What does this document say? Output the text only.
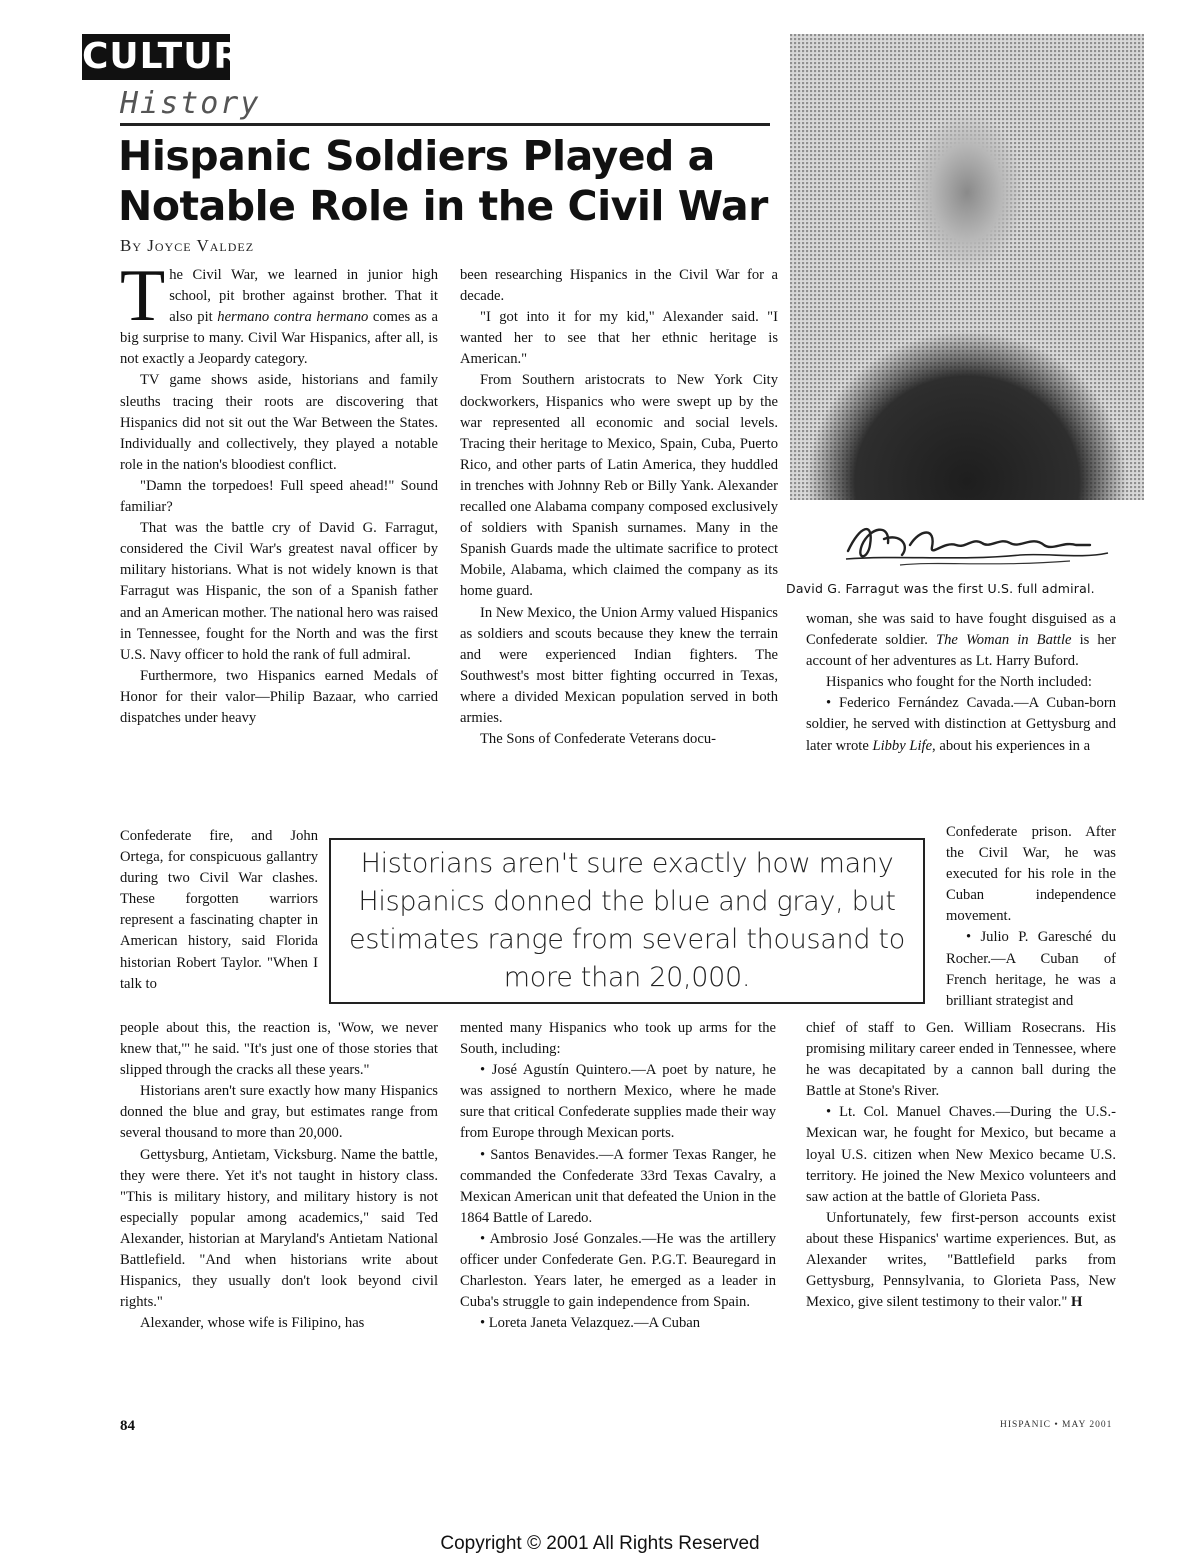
CULTURA
History
Hispanic Soldiers Played a Notable Role in the Civil War
By Joyce Valdez

The Civil War, we learned in junior high school, pit brother against brother. That it also pit hermano contra hermano comes as a big surprise to many. Civil War Hispanics, after all, is not exactly a Jeopardy category.

TV game shows aside, historians and family sleuths tracing their roots are discovering that Hispanics did not sit out the War Between the States. Individually and collectively, they played a notable role in the nation's bloodiest conflict.

"Damn the torpedoes! Full speed ahead!" Sound familiar?

That was the battle cry of David G. Farragut, considered the Civil War's greatest naval officer by military historians. What is not widely known is that Farragut was Hispanic, the son of a Spanish father and an American mother. The national hero was raised in Tennessee, fought for the North and was the first U.S. Navy officer to hold the rank of full admiral.

Furthermore, two Hispanics earned Medals of Honor for their valor—Philip Bazaar, who carried dispatches under heavy

Confederate fire, and John Ortega, for conspicuous gallantry during two Civil War clashes. These forgotten warriors represent a fascinating chapter in American history, said Florida historian Robert Taylor. "When I talk to

people about this, the reaction is, 'Wow, we never knew that,'" he said. "It's just one of those stories that slipped through the cracks all these years."

Historians aren't sure exactly how many Hispanics donned the blue and gray, but estimates range from several thousand to more than 20,000.

Gettysburg, Antietam, Vicksburg. Name the battle, they were there. Yet it's not taught in history class. "This is military history, and military history is not especially popular among academics," said Ted Alexander, historian at Maryland's Antietam National Battlefield. "And when historians write about Hispanics, they usually don't look beyond civil rights."

Alexander, whose wife is Filipino, has

been researching Hispanics in the Civil War for a decade.

"I got into it for my kid," Alexander said. "I wanted her to see that her ethnic heritage is American."

From Southern aristocrats to New York City dockworkers, Hispanics who were swept up by the war represented all economic and social levels. Tracing their heritage to Mexico, Spain, Cuba, Puerto Rico, and other parts of Latin America, they huddled in trenches with Johnny Reb or Billy Yank. Alexander recalled one Alabama company composed exclusively of soldiers with Spanish surnames. Many in the Spanish Guards made the ultimate sacrifice to protect Mobile, Alabama, which claimed the company as its home guard.

In New Mexico, the Union Army valued Hispanics as soldiers and scouts because they knew the terrain and were experienced Indian fighters. The Southwest's most bitter fighting occurred in Texas, where a divided Mexican population served in both armies.

The Sons of Confederate Veterans docu-

mented many Hispanics who took up arms for the South, including:

• José Agustín Quintero.—A poet by nature, he was assigned to northern Mexico, where he made sure that critical Confederate supplies made their way from Europe through Mexican ports.

• Santos Benavides.—A former Texas Ranger, he commanded the Confederate 33rd Texas Cavalry, a Mexican American unit that defeated the Union in the 1864 Battle of Laredo.

• Ambrosio José Gonzales.—He was the artillery officer under Confederate Gen. P.G.T. Beauregard in Charleston. Years later, he emerged as a leader in Cuba's struggle to gain independence from Spain.

• Loreta Janeta Velazquez.—A Cuban

woman, she was said to have fought disguised as a Confederate soldier. The Woman in Battle is her account of her adventures as Lt. Harry Buford.

Hispanics who fought for the North included:

• Federico Fernández Cavada.—A Cuban-born soldier, he served with distinction at Gettysburg and later wrote Libby Life, about his experiences in a

Confederate prison. After the Civil War, he was executed for his role in the Cuban independence movement.

• Julio P. Garesché du Rocher.—A Cuban of French heritage, he was a brilliant strategist and

chief of staff to Gen. William Rosecrans. His promising military career ended in Tennessee, where he was decapitated by a cannon ball during the Battle at Stone's River.

• Lt. Col. Manuel Chaves.—During the U.S.-Mexican war, he fought for Mexico, but became a loyal U.S. citizen when New Mexico became U.S. territory. He joined the New Mexico volunteers and saw action at the battle of Glorieta Pass.

Unfortunately, few first-person accounts exist about these Hispanics' wartime experiences. But, as Alexander writes, "Battlefield parks from Gettysburg, Pennsylvania, to Glorieta Pass, New Mexico, give silent testimony to their valor." H

Historians aren't sure exactly how many Hispanics donned the blue and gray, but estimates range from several thousand to more than 20,000.
David G. Farragut was the first U.S. full admiral.
84	HISPANIC • MAY 2001
Copyright © 2001 All Rights Reserved
